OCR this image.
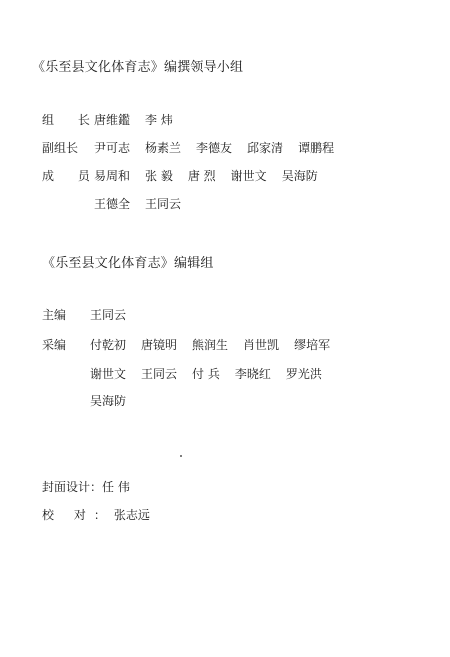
《乐至县文化体育志》编撰领导小组
组 长
唐维鑑 李 炜
副组长 尹可志 杨素兰 李德友 邱家清 谭鹏程
成 员
易周和 张 毅 唐 烈 谢世文 吴海防
王德全 王同云
《乐至县文化体育志》编辑组
主编 王同云
采编 付乾初 唐镜明 熊润生 肖世凯 缪培军
谢世文 王同云 付 兵 李晓红 罗光洪
吴海防
封面设计：任 伟
校 对：张志远
